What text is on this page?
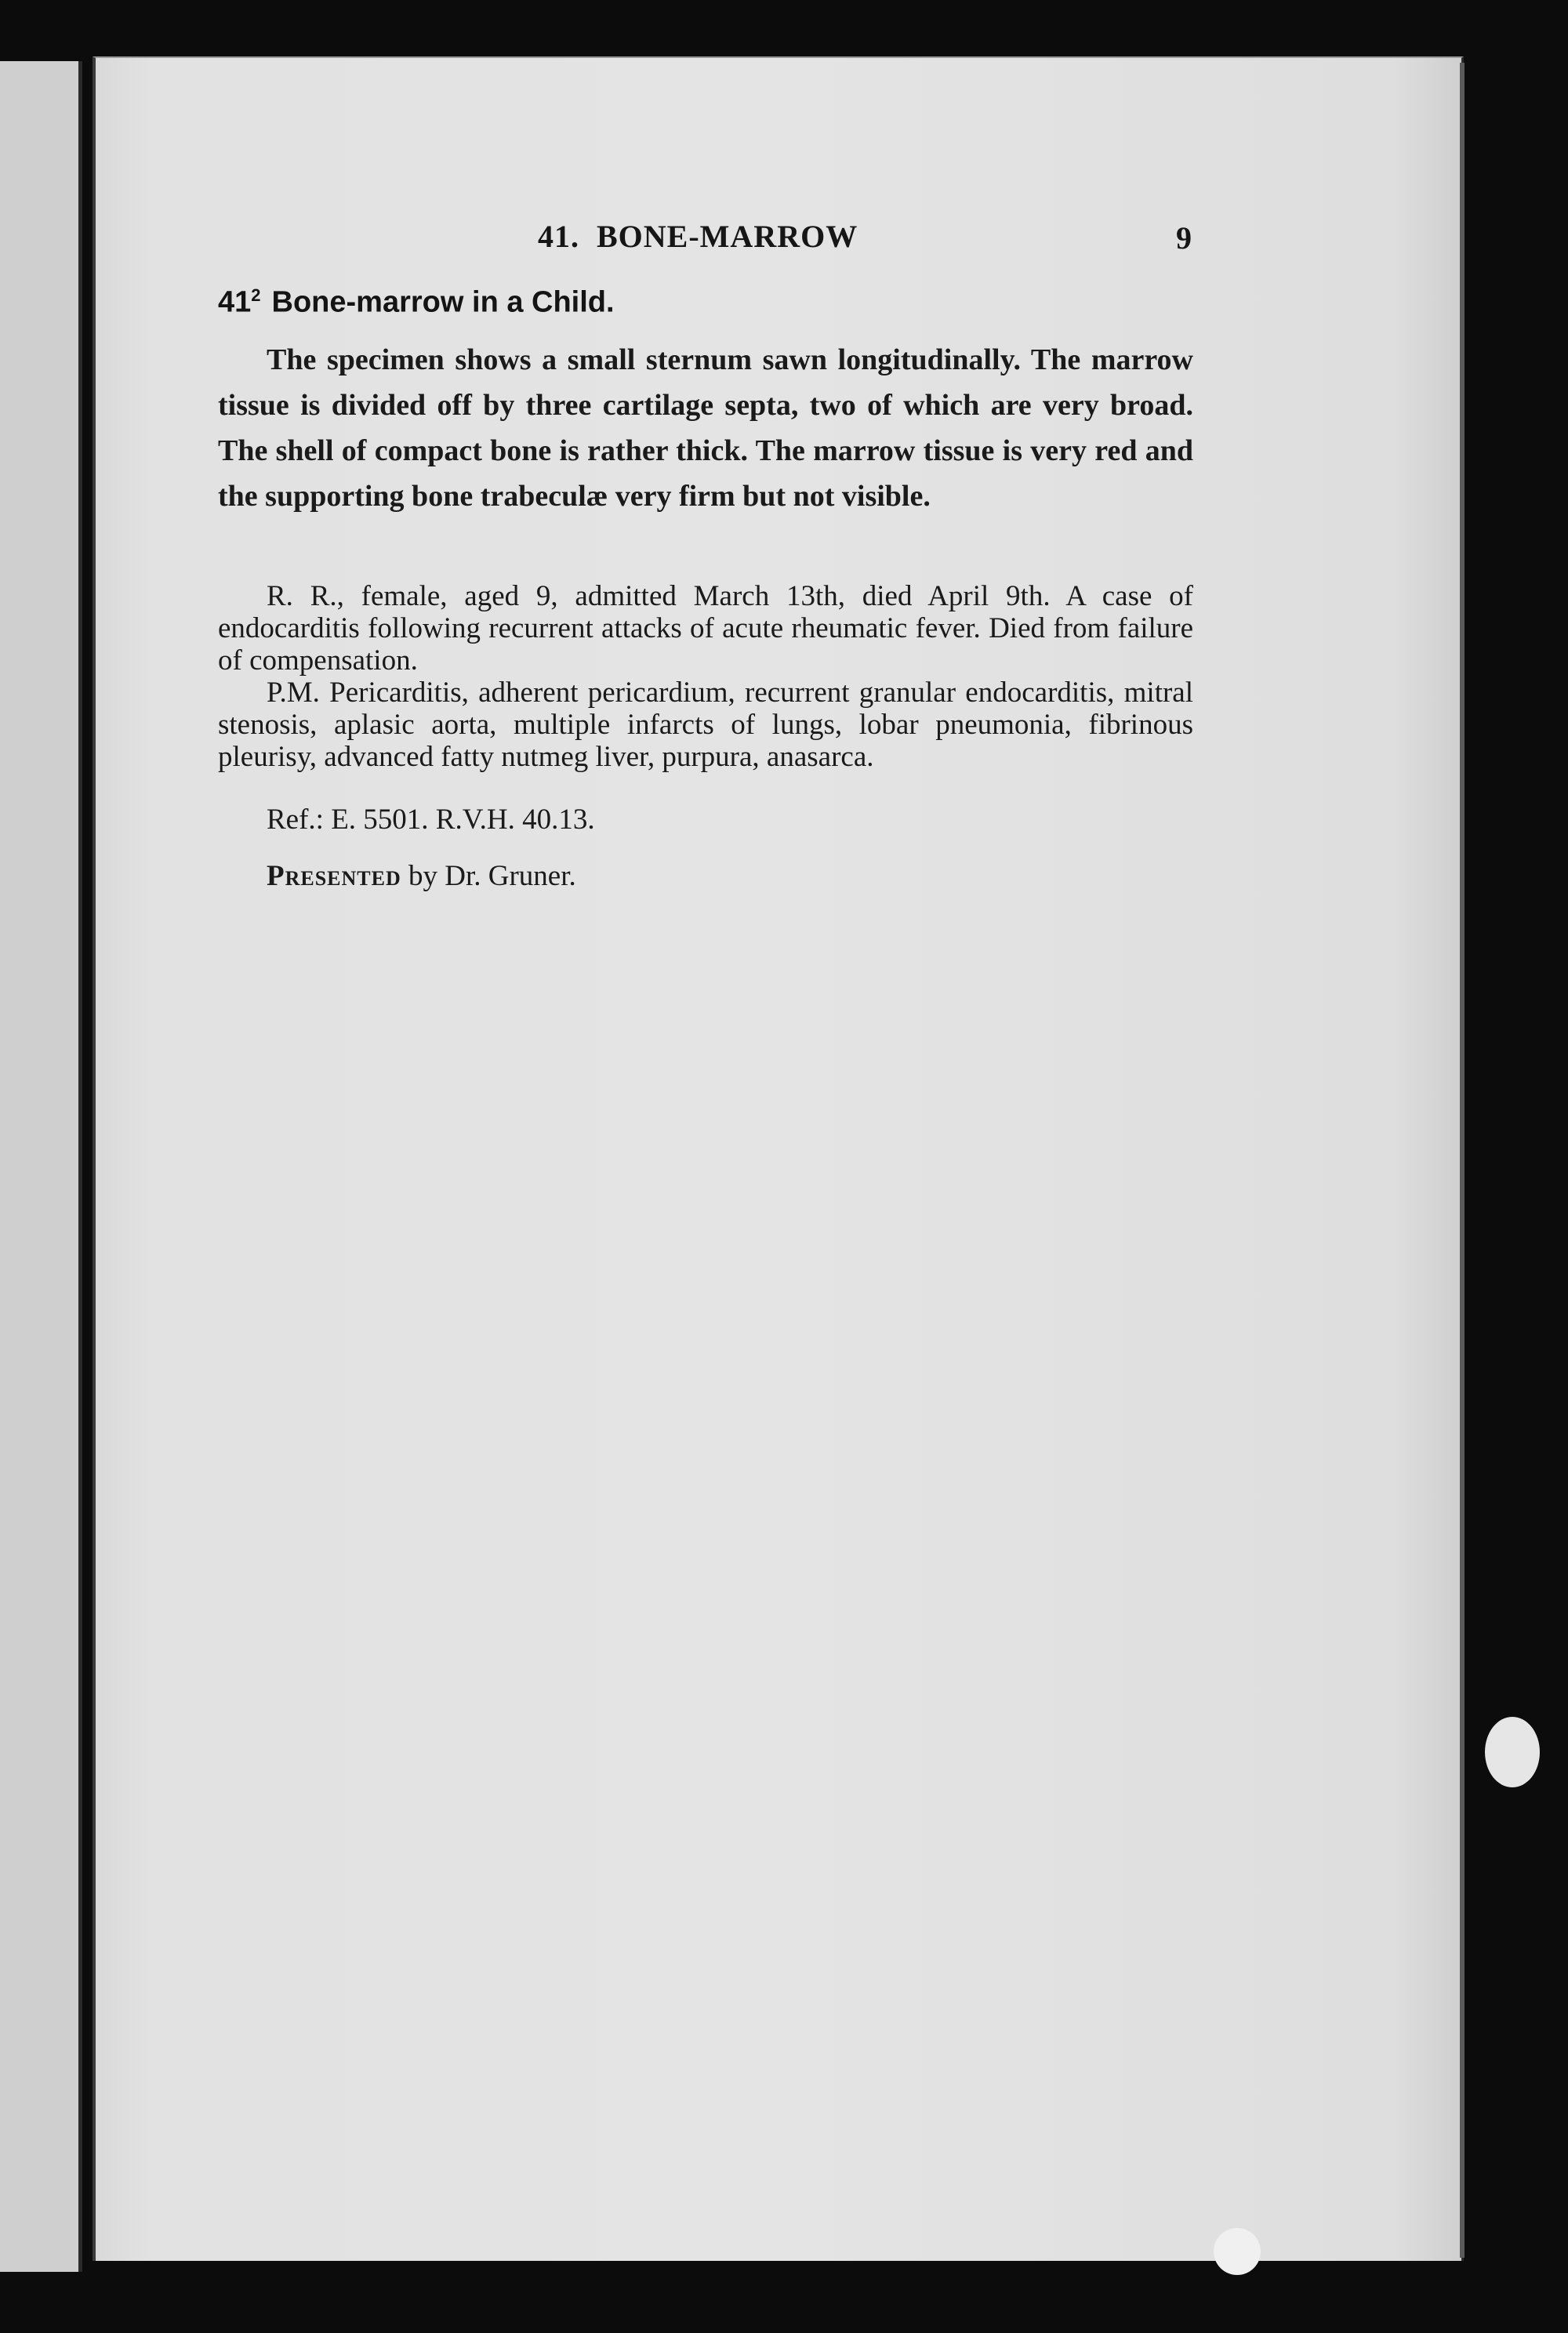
41. BONE-MARROW	9
$41^2$ Bone-marrow in a Child.
The specimen shows a small sternum sawn longitudinally. The marrow tissue is divided off by three cartilage septa, two of which are very broad. The shell of compact bone is rather thick. The marrow tissue is very red and the supporting bone trabeculæ very firm but not visible.

R. R., female, aged 9, admitted March 13th, died April 9th. A case of endocarditis following recurrent attacks of acute rheumatic fever. Died from failure of compensation.

P.M. Pericarditis, adherent pericardium, recurrent granular endocarditis, mitral stenosis, aplasic aorta, multiple infarcts of lungs, lobar pneumonia, fibrinous pleurisy, advanced fatty nutmeg liver, purpura, anasarca.

Ref.: E. 5501. R.V.H. 40.13.
Presented by Dr. Gruner.
